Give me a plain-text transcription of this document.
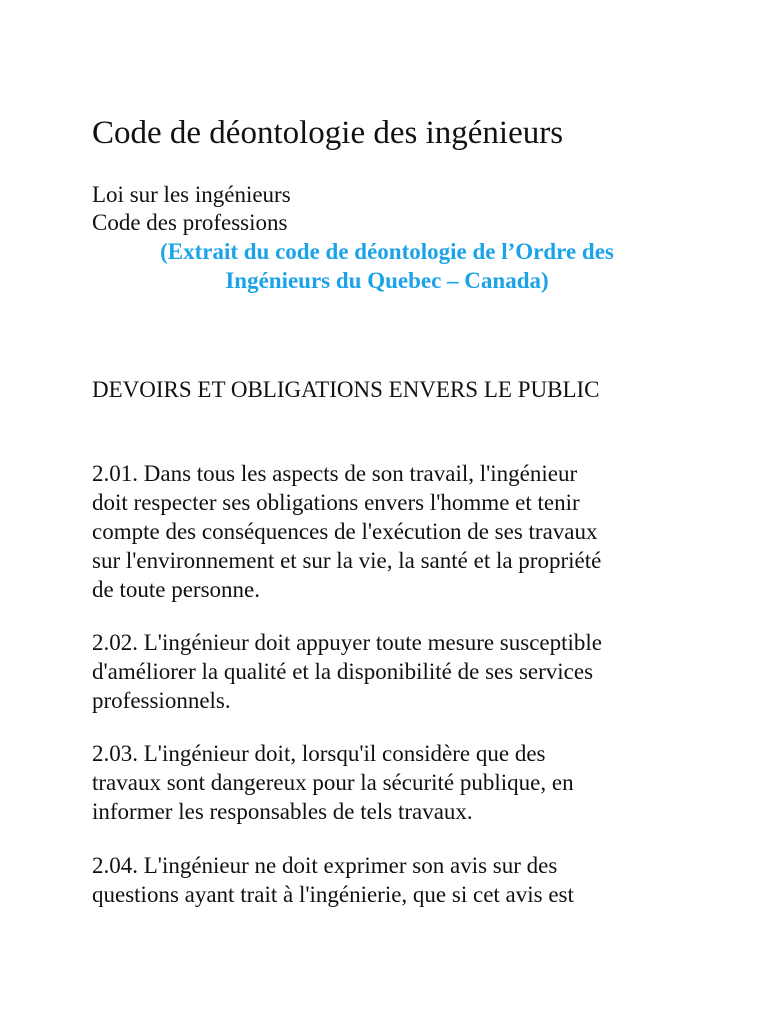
Code de déontologie des ingénieurs
Loi sur les ingénieurs
Code des professions
(Extrait du code de déontologie de l’Ordre des
Ingénieurs du Quebec – Canada)
DEVOIRS ET OBLIGATIONS ENVERS LE PUBLIC
2.01. Dans tous les aspects de son travail, l'ingénieur
doit respecter ses obligations envers l'homme et tenir
compte des conséquences de l'exécution de ses travaux
sur l'environnement et sur la vie, la santé et la propriété
de toute personne.
2.02. L'ingénieur doit appuyer toute mesure susceptible
d'améliorer la qualité et la disponibilité de ses services
professionnels.
2.03. L'ingénieur doit, lorsqu'il considère que des
travaux sont dangereux pour la sécurité publique, en
informer les responsables de tels travaux.
2.04. L'ingénieur ne doit exprimer son avis sur des
questions ayant trait à l'ingénierie, que si cet avis est
